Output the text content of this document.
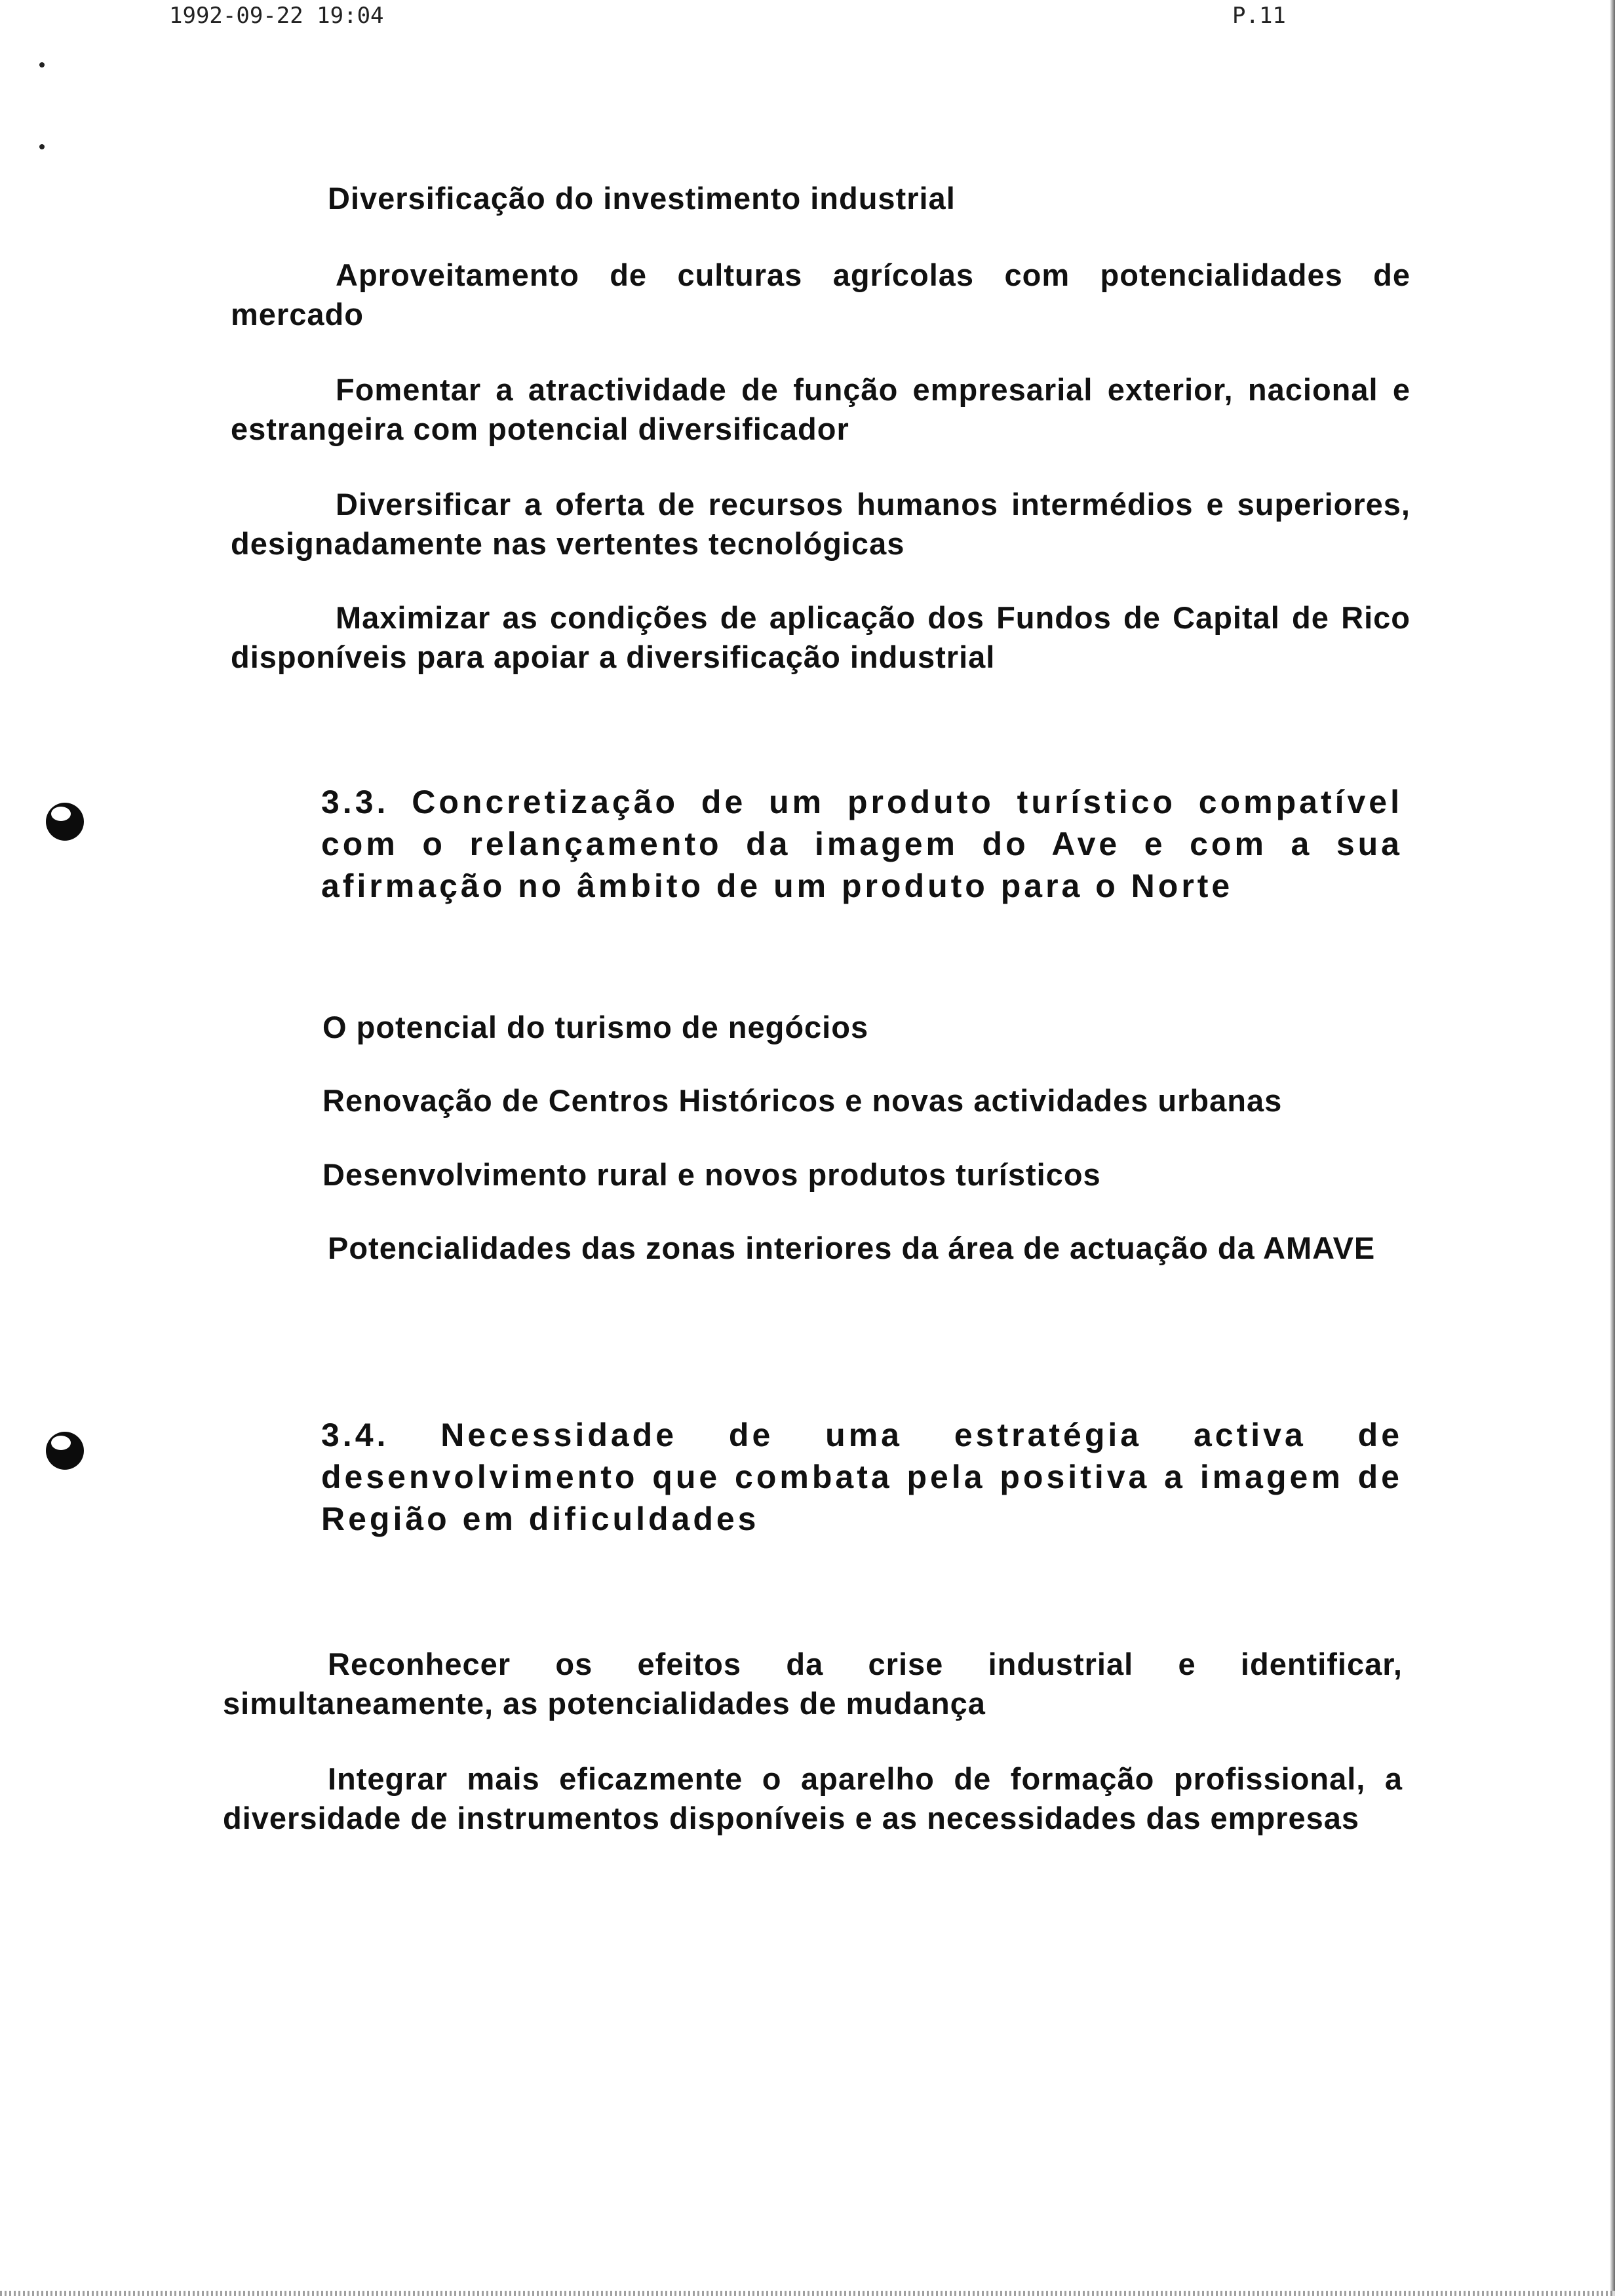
1992-09-22 19:04	P.11

Diversificação do investimento industrial

Aproveitamento de culturas agrícolas com potencialidades de mercado

Fomentar a atractividade de função empresarial exterior, nacional e estrangeira com potencial diversificador

Diversificar a oferta de recursos humanos intermédios e superiores, designadamente nas vertentes tecnológicas

Maximizar as condições de aplicação dos Fundos de Capital de Rico disponíveis para apoiar a diversificação industrial

3.3. Concretização de um produto turístico compatível com o relançamento da imagem do Ave e com a sua afirmação no âmbito de um produto para o Norte

O potencial do turismo de negócios

Renovação de Centros Históricos e novas actividades urbanas

Desenvolvimento rural e novos produtos turísticos

Potencialidades das zonas interiores da área de actuação da AMAVE

3.4. Necessidade de uma estratégia activa de desenvolvimento que combata pela positiva a imagem de Região em dificuldades

Reconhecer os efeitos da crise industrial e identificar, simultaneamente, as potencialidades de mudança

Integrar mais eficazmente o aparelho de formação profissional, a diversidade de instrumentos disponíveis e as necessidades das empresas
